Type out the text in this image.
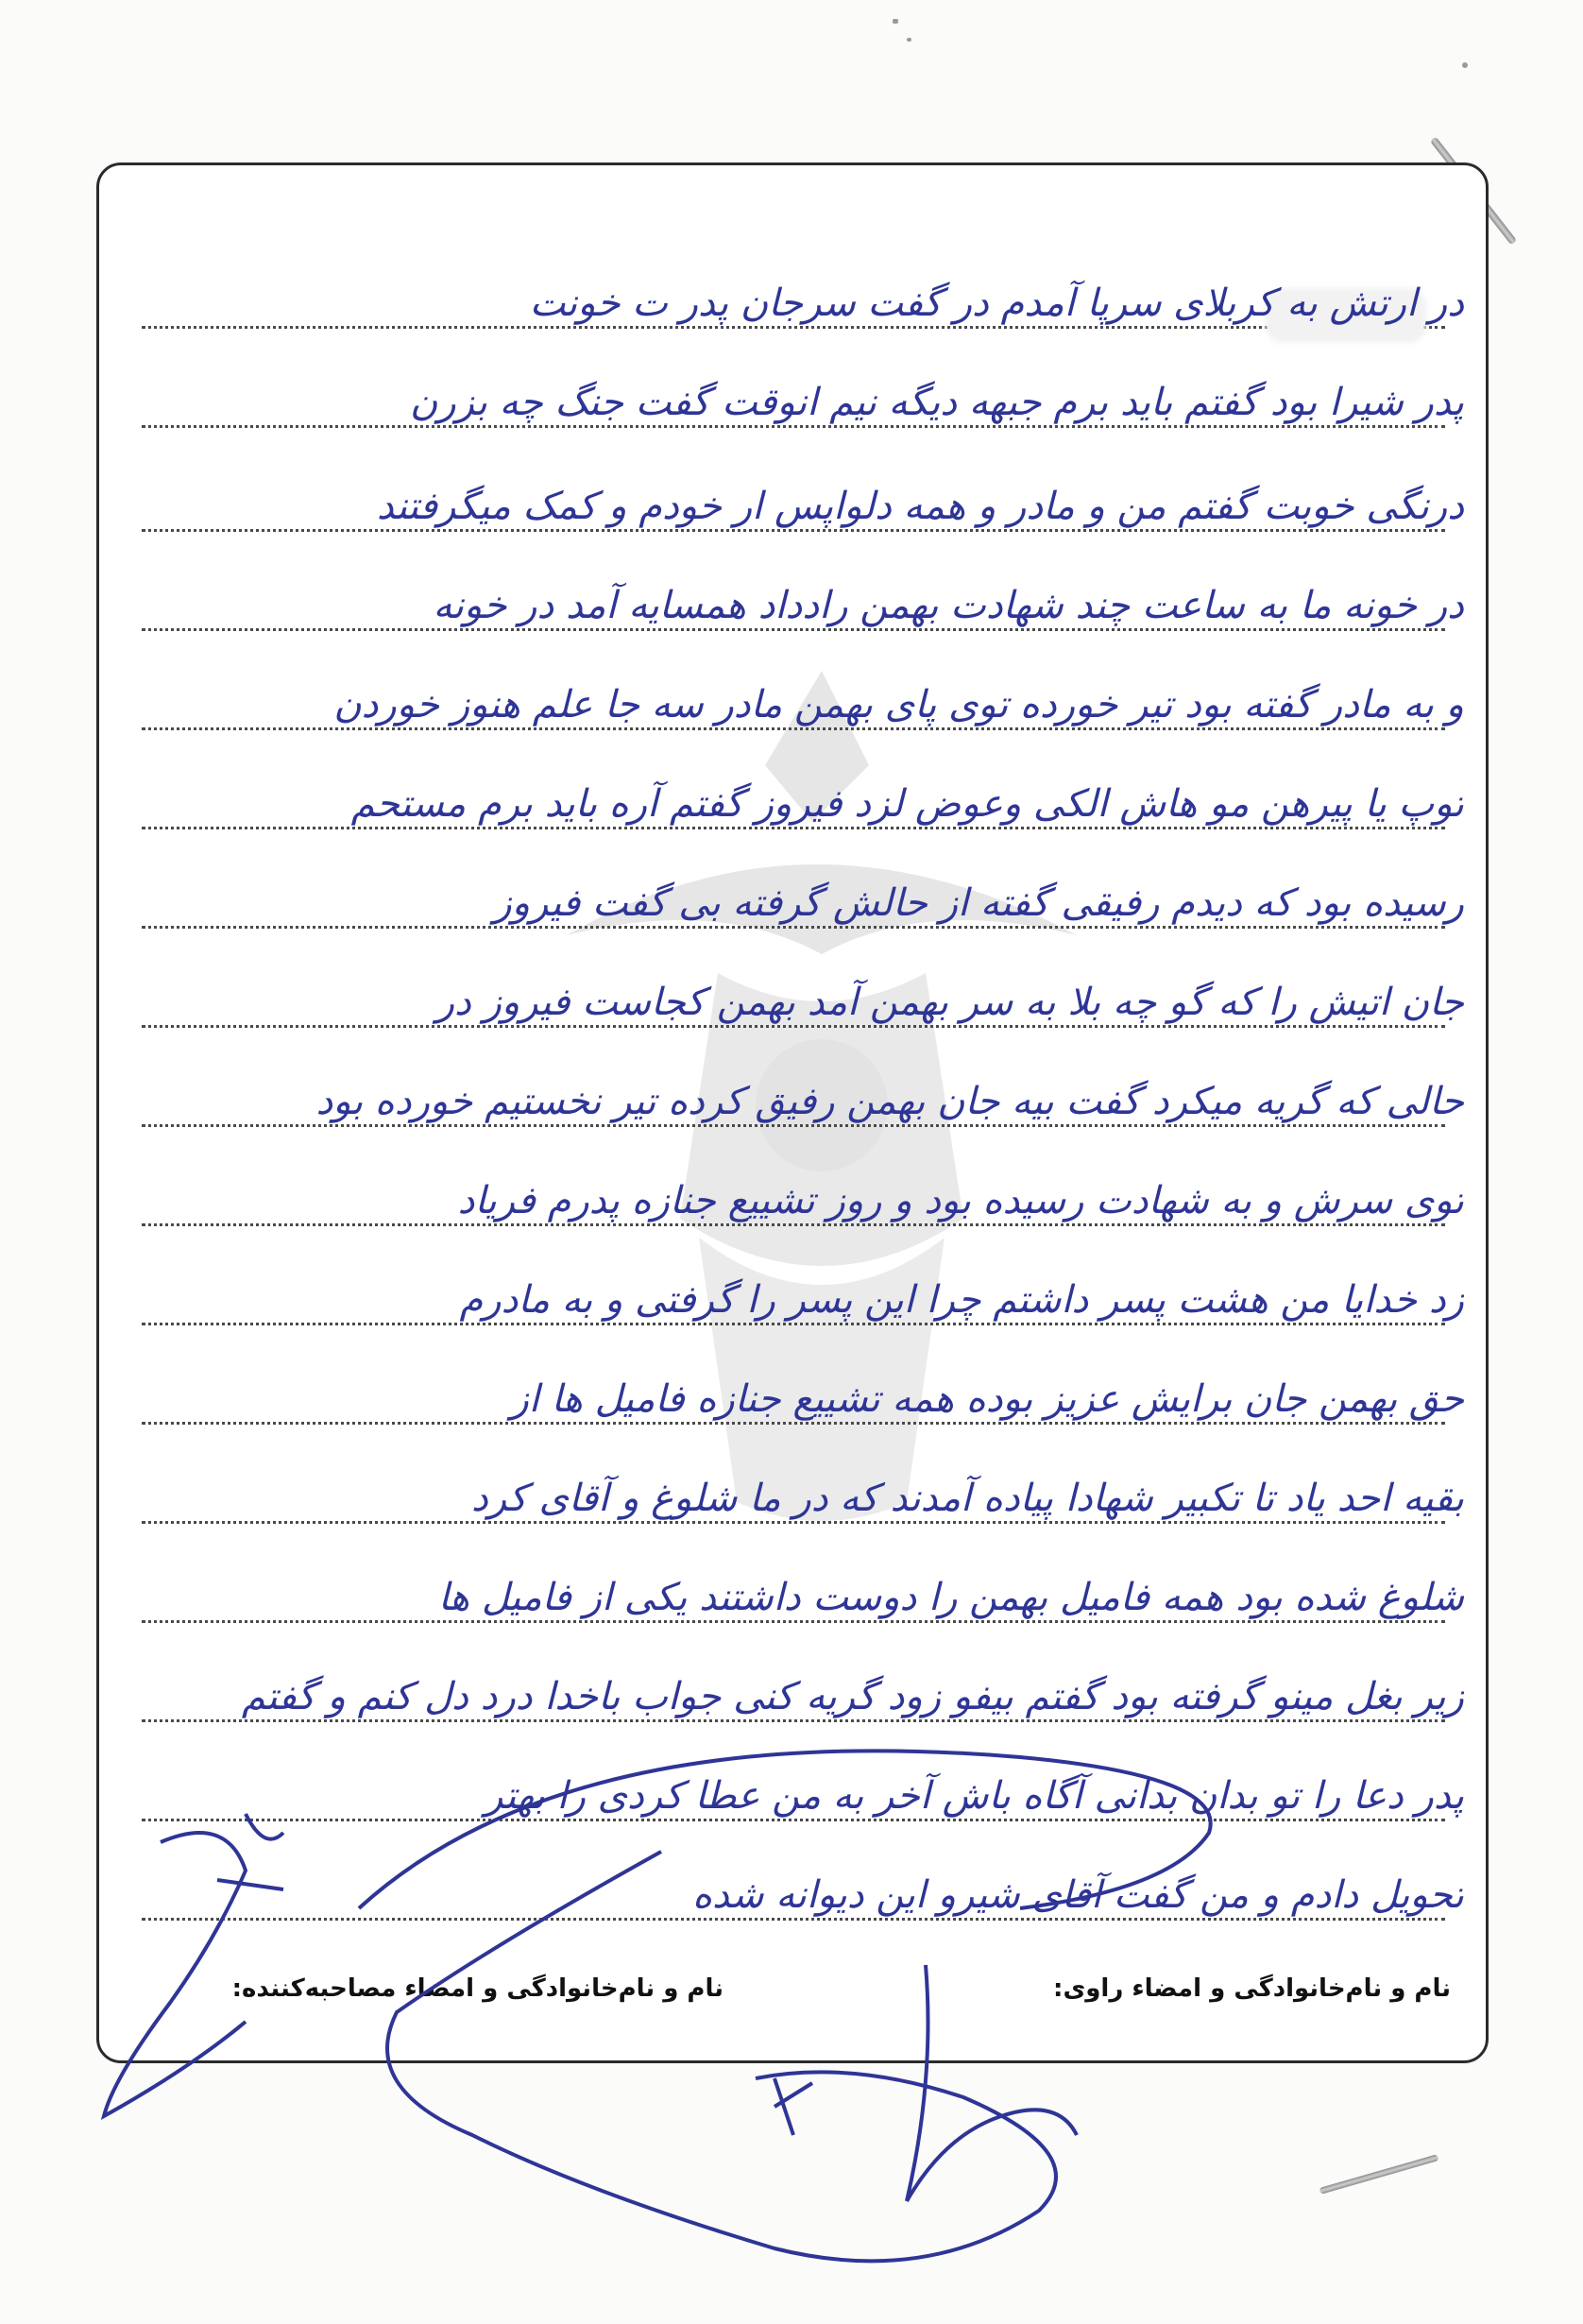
در ارتش به کربلای سرپا آمدم در گفت سرجان پدر ت خونت
پدر شیرا بود گفتم باید برم جبهه دیگه نیم انوقت گفت جنگ چه بزرن
درنگی خوبت گفتم من و مادر و همه دلواپس ار خودم و کمک میگرفتند
در خونه ما به ساعت چند شهادت بهمن رادداد همسایه آمد در خونه
و به مادر گفته بود تیر خورده توی پای بهمن مادر سه جا علم هنوز خوردن
توپ یا پیرهن مو هاش الکی وعوض لزد فیروز گفتم آره باید برم مستحم
رسیده بود که دیدم رفیقی گفته از حالش گرفته بی گفت فیروز
جان اتیش را که گو چه بلا به سر بهمن آمد بهمن کجاست فیروز در
حالی که گریه میکرد گفت بیه جان بهمن رفیق کرده تیر نخستیم خورده بود
توی سرش و به شهادت رسیده بود و روز تشییع جنازه پدرم فریاد
زد خدایا من هشت پسر داشتم چرا این پسر را گرفتی و به مادرم
حق بهمن جان برایش عزیز بوده همه تشییع جنازه فامیل ها از
بقیه احد یاد تا تکبیر شهادا پیاده آمدند که در ما شلوغ و آقای کرد
شلوغ شده بود همه فامیل بهمن را دوست داشتند یکی از فامیل ها
زیر بغل مینو گرفته بود گفتم بیفو زود گریه کنی جواب باخدا درد دل کنم و گفتم
پدر دعا را تو بدان بدانی آگاه باش آخر به من عطا کردی را بهتر
تحویل دادم و من گفت آقای شیرو این دیوانه شده
نام و نام‌خانوادگی و امضاء راوی:
نام و نام‌خانوادگی و امضاء مصاحبه‌کننده:
